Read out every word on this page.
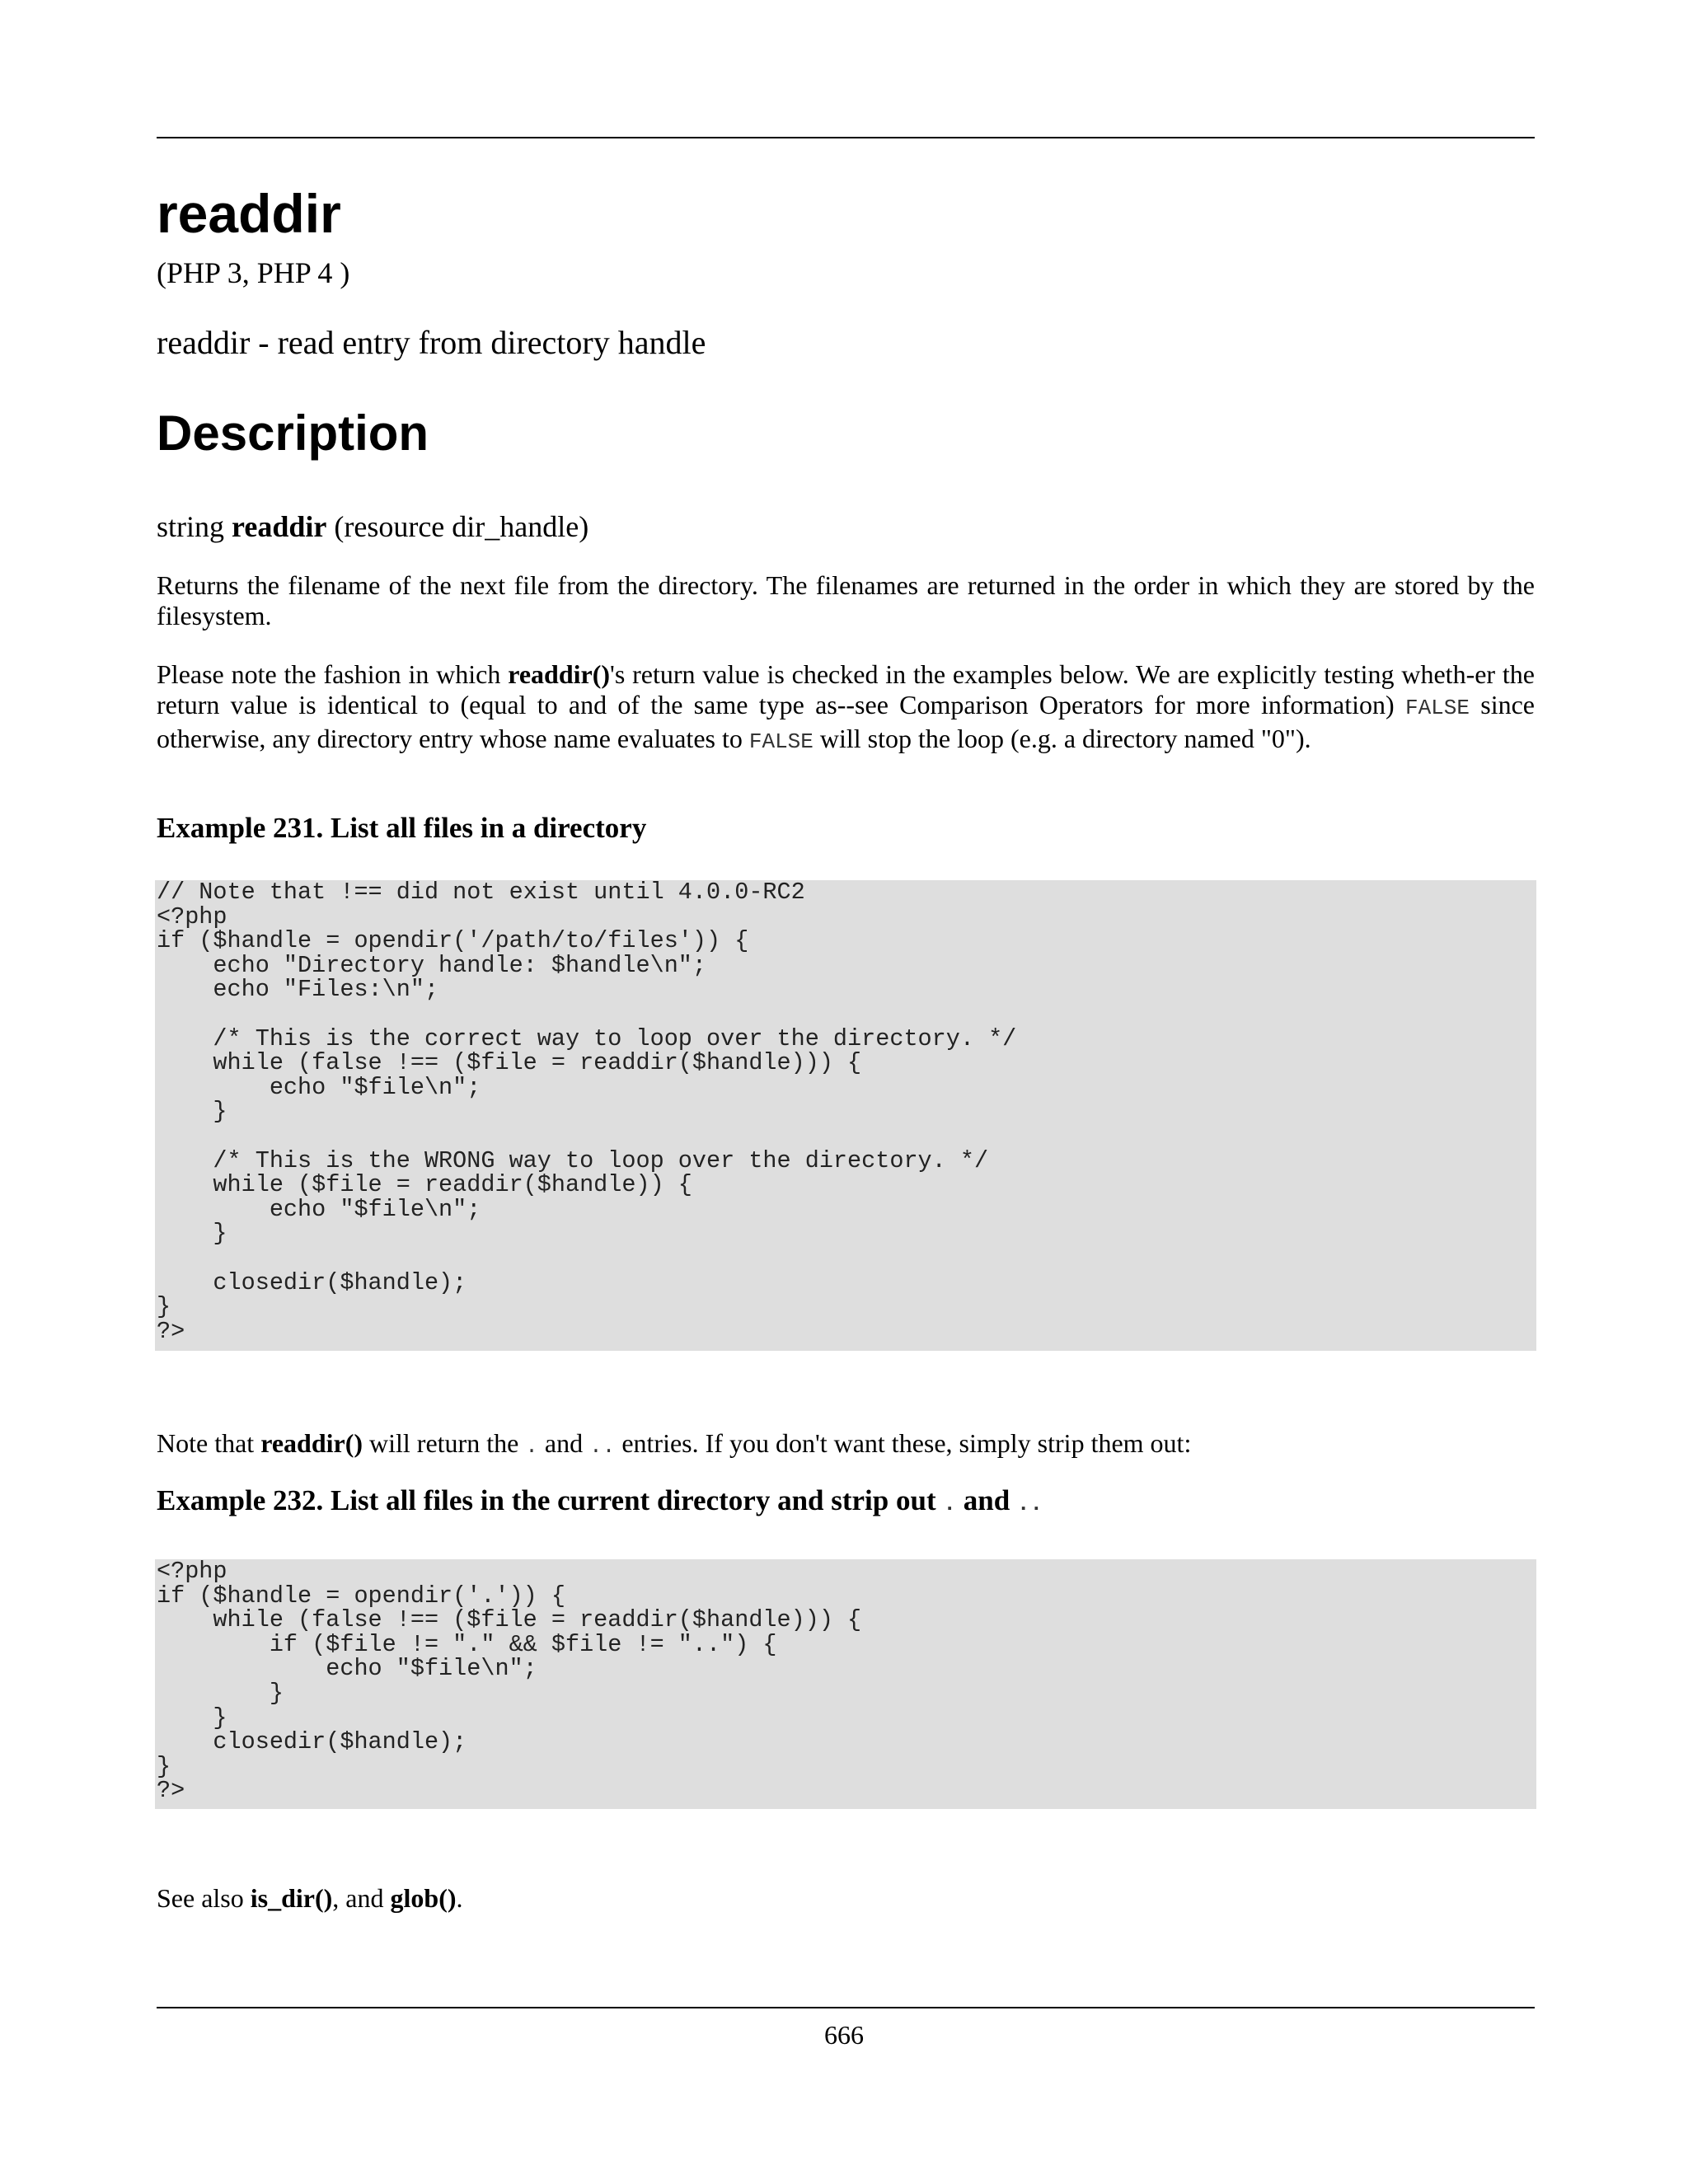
readdir
(PHP 3, PHP 4 )
readdir - read entry from directory handle
Description
string readdir (resource dir_handle)
Returns the filename of the next file from the directory. The filenames are returned in the order in which they are stored by the filesystem.
Please note the fashion in which readdir()'s return value is checked in the examples below. We are explicitly testing wheth-er the return value is identical to (equal to and of the same type as--see Comparison Operators for more information) FALSE since otherwise, any directory entry whose name evaluates to FALSE will stop the loop (e.g. a directory named "0").
Example 231. List all files in a directory
// Note that !== did not exist until 4.0.0-RC2
<?php
if ($handle = opendir('/path/to/files')) {
echo "Directory handle: $handle\n";
echo "Files:\n";

/* This is the correct way to loop over the directory. */
while (false !== ($file = readdir($handle))) {
echo "$file\n";
}

/* This is the WRONG way to loop over the directory. */
while ($file = readdir($handle)) {
echo "$file\n";
}

closedir($handle);
}
?>
Note that readdir() will return the . and .. entries. If you don't want these, simply strip them out:
Example 232. List all files in the current directory and strip out . and ..
<?php
if ($handle = opendir('.')) {
while (false !== ($file = readdir($handle))) {
if ($file != "." && $file != "..") {
echo "$file\n";
}
}
closedir($handle);
}
?>
See also is_dir(), and glob().
666
